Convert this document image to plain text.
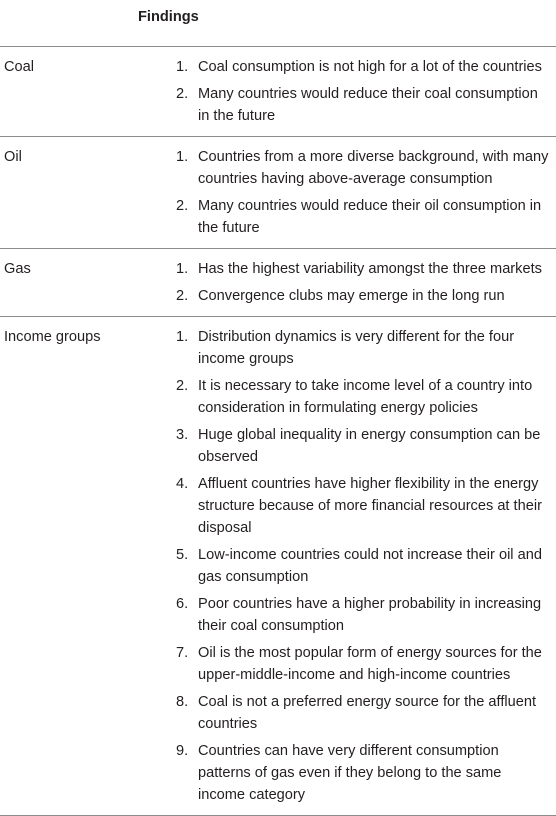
Findings
Coal	1. Coal consumption is not high for a lot of the countries
2. Many countries would reduce their coal consumption in the future
Oil	1. Countries from a more diverse background, with many countries having above-average consumption
2. Many countries would reduce their oil consumption in the future
Gas	1. Has the highest variability amongst the three markets
2. Convergence clubs may emerge in the long run
Income groups	1. Distribution dynamics is very different for the four income groups
2. It is necessary to take income level of a country into consideration in formulating energy policies
3. Huge global inequality in energy consumption can be observed
4. Affluent countries have higher flexibility in the energy structure because of more financial resources at their disposal
5. Low-income countries could not increase their oil and gas consumption
6. Poor countries have a higher probability in increasing their coal consumption
7. Oil is the most popular form of energy sources for the upper-middle-income and high-income countries
8. Coal is not a preferred energy source for the affluent countries
9. Countries can have very different consumption patterns of gas even if they belong to the same income category
